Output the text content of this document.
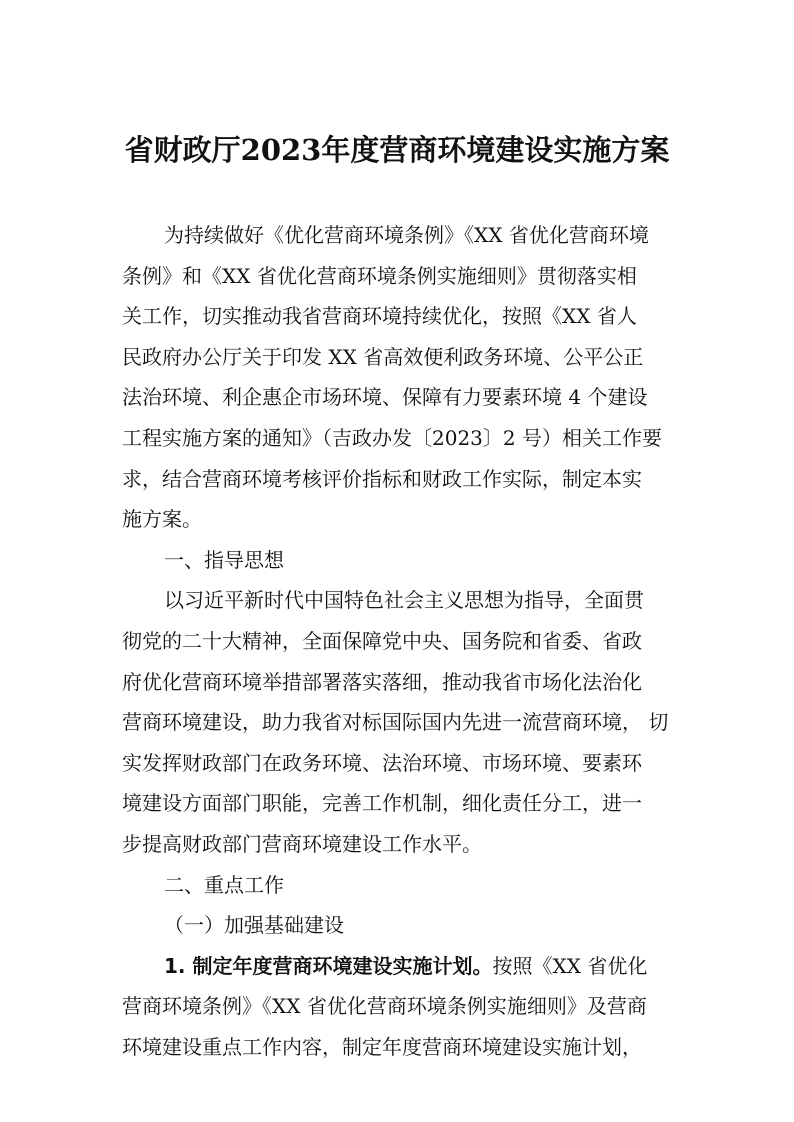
省财政厅2023年度营商环境建设实施方案
为持续做好《优化营商环境条例》《XX 省优化营商环境
条例》和《XX 省优化营商环境条例实施细则》贯彻落实相
关工作，切实推动我省营商环境持续优化，按照《XX 省人
民政府办公厅关于印发 XX 省高效便利政务环境、公平公正
法治环境、利企惠企市场环境、保障有力要素环境 4 个建设
工程实施方案的通知》（吉政办发〔2023〕2 号）相关工作要
求，结合营商环境考核评价指标和财政工作实际，制定本实
施方案。
一、指导思想
以习近平新时代中国特色社会主义思想为指导，全面贯
彻党的二十大精神，全面保障党中央、国务院和省委、省政
府优化营商环境举措部署落实落细，推动我省市场化法治化
营商环境建设，助力我省对标国际国内先进一流营商环境， 切
实发挥财政部门在政务环境、法治环境、市场环境、要素环
境建设方面部门职能，完善工作机制，细化责任分工，进一
步提高财政部门营商环境建设工作水平。
二、重点工作
（一）加强基础建设
1. 制定年度营商环境建设实施计划。按照《XX 省优化
营商环境条例》《XX 省优化营商环境条例实施细则》及营商
环境建设重点工作内容，制定年度营商环境建设实施计划，
